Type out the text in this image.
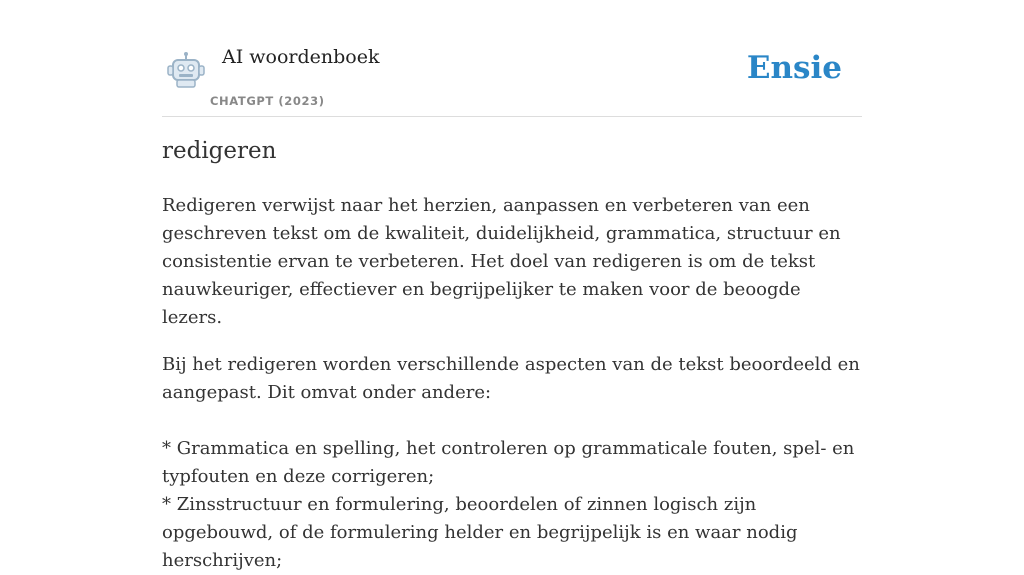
AI woordenboek
CHATGPT (2023)
Ensie
redigeren

Redigeren verwijst naar het herzien, aanpassen en verbeteren van een geschreven tekst om de kwaliteit, duidelijkheid, grammatica, structuur en consistentie ervan te verbeteren. Het doel van redigeren is om de tekst nauwkeuriger, effectiever en begrijpelijker te maken voor de beoogde lezers.

Bij het redigeren worden verschillende aspecten van de tekst beoordeeld en aangepast. Dit omvat onder andere:

* Grammatica en spelling, het controleren op grammaticale fouten, spel- en typfouten en deze corrigeren;

* Zinsstructuur en formulering, beoordelen of zinnen logisch zijn opgebouwd, of de formulering helder en begrijpelijk is en waar nodig herschrijven;
